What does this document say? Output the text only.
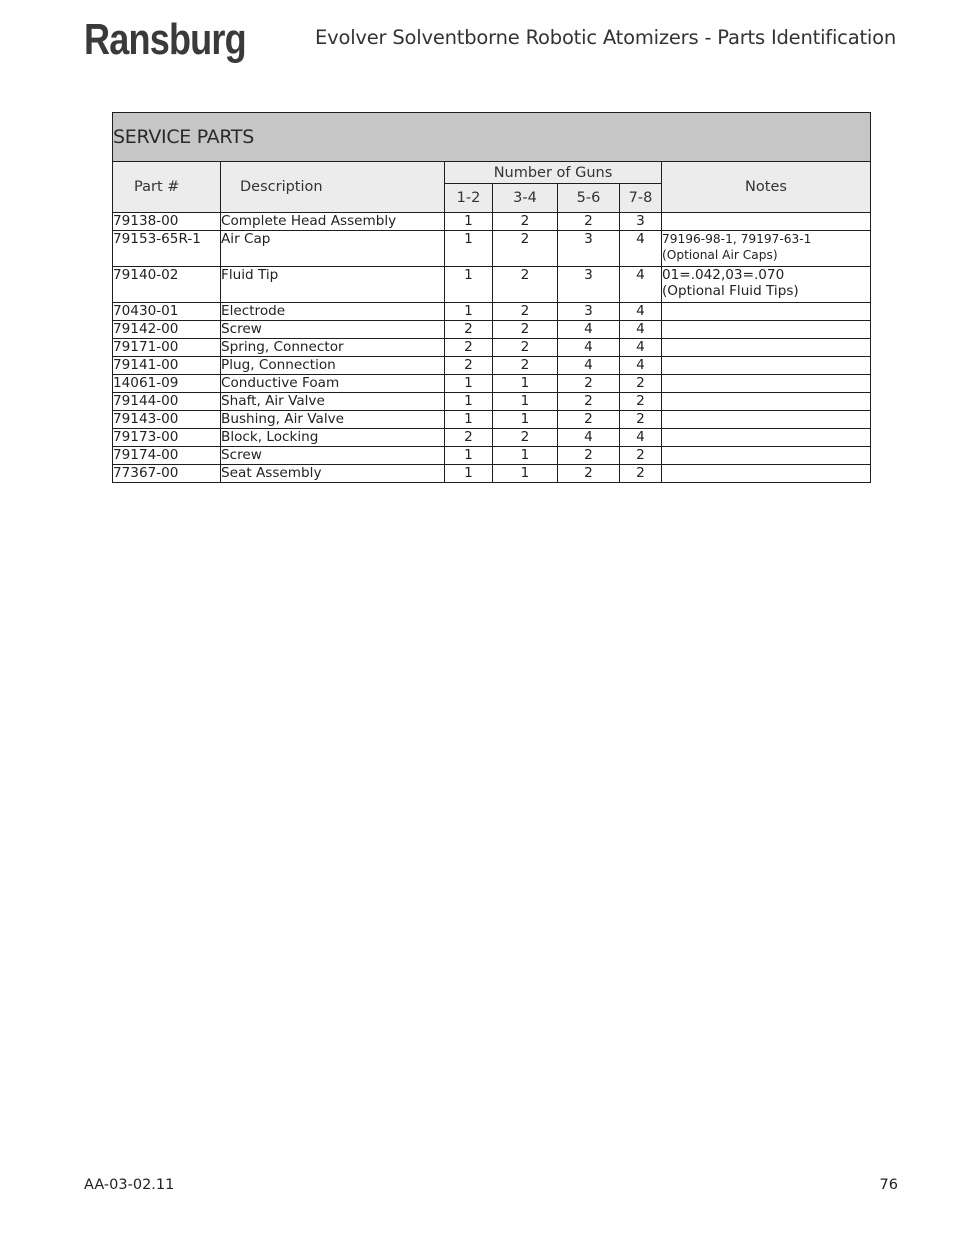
Ransburg	Evolver Solventborne Robotic Atomizers - Parts Identification
SERVICE PARTS						
Part #	Description	Number of Guns				Notes
		1-2	3-4	5-6	7-8	
79138-00	Complete Head Assembly	1	2	2	3	
79153-65R-1	Air Cap	1	2	3	4	79196-98-1, 79197-63-1
(Optional Air Caps)

79140-02	Fluid Tip	1	2	3	4	01=.042,03=.070
(Optional Fluid Tips)

70430-01	Electrode	1	2	3	4	
79142-00	Screw	2	2	4	4	
79171-00	Spring, Connector	2	2	4	4	
79141-00	Plug, Connection	2	2	4	4	
14061-09	Conductive Foam	1	1	2	2	
79144-00	Shaft, Air Valve	1	1	2	2	
79143-00	Bushing, Air Valve	1	1	2	2	
79173-00	Block, Locking	2	2	4	4	
79174-00	Screw	1	1	2	2	
77367-00	Seat Assembly	1	1	2	2	
AA-03-02.11	76
